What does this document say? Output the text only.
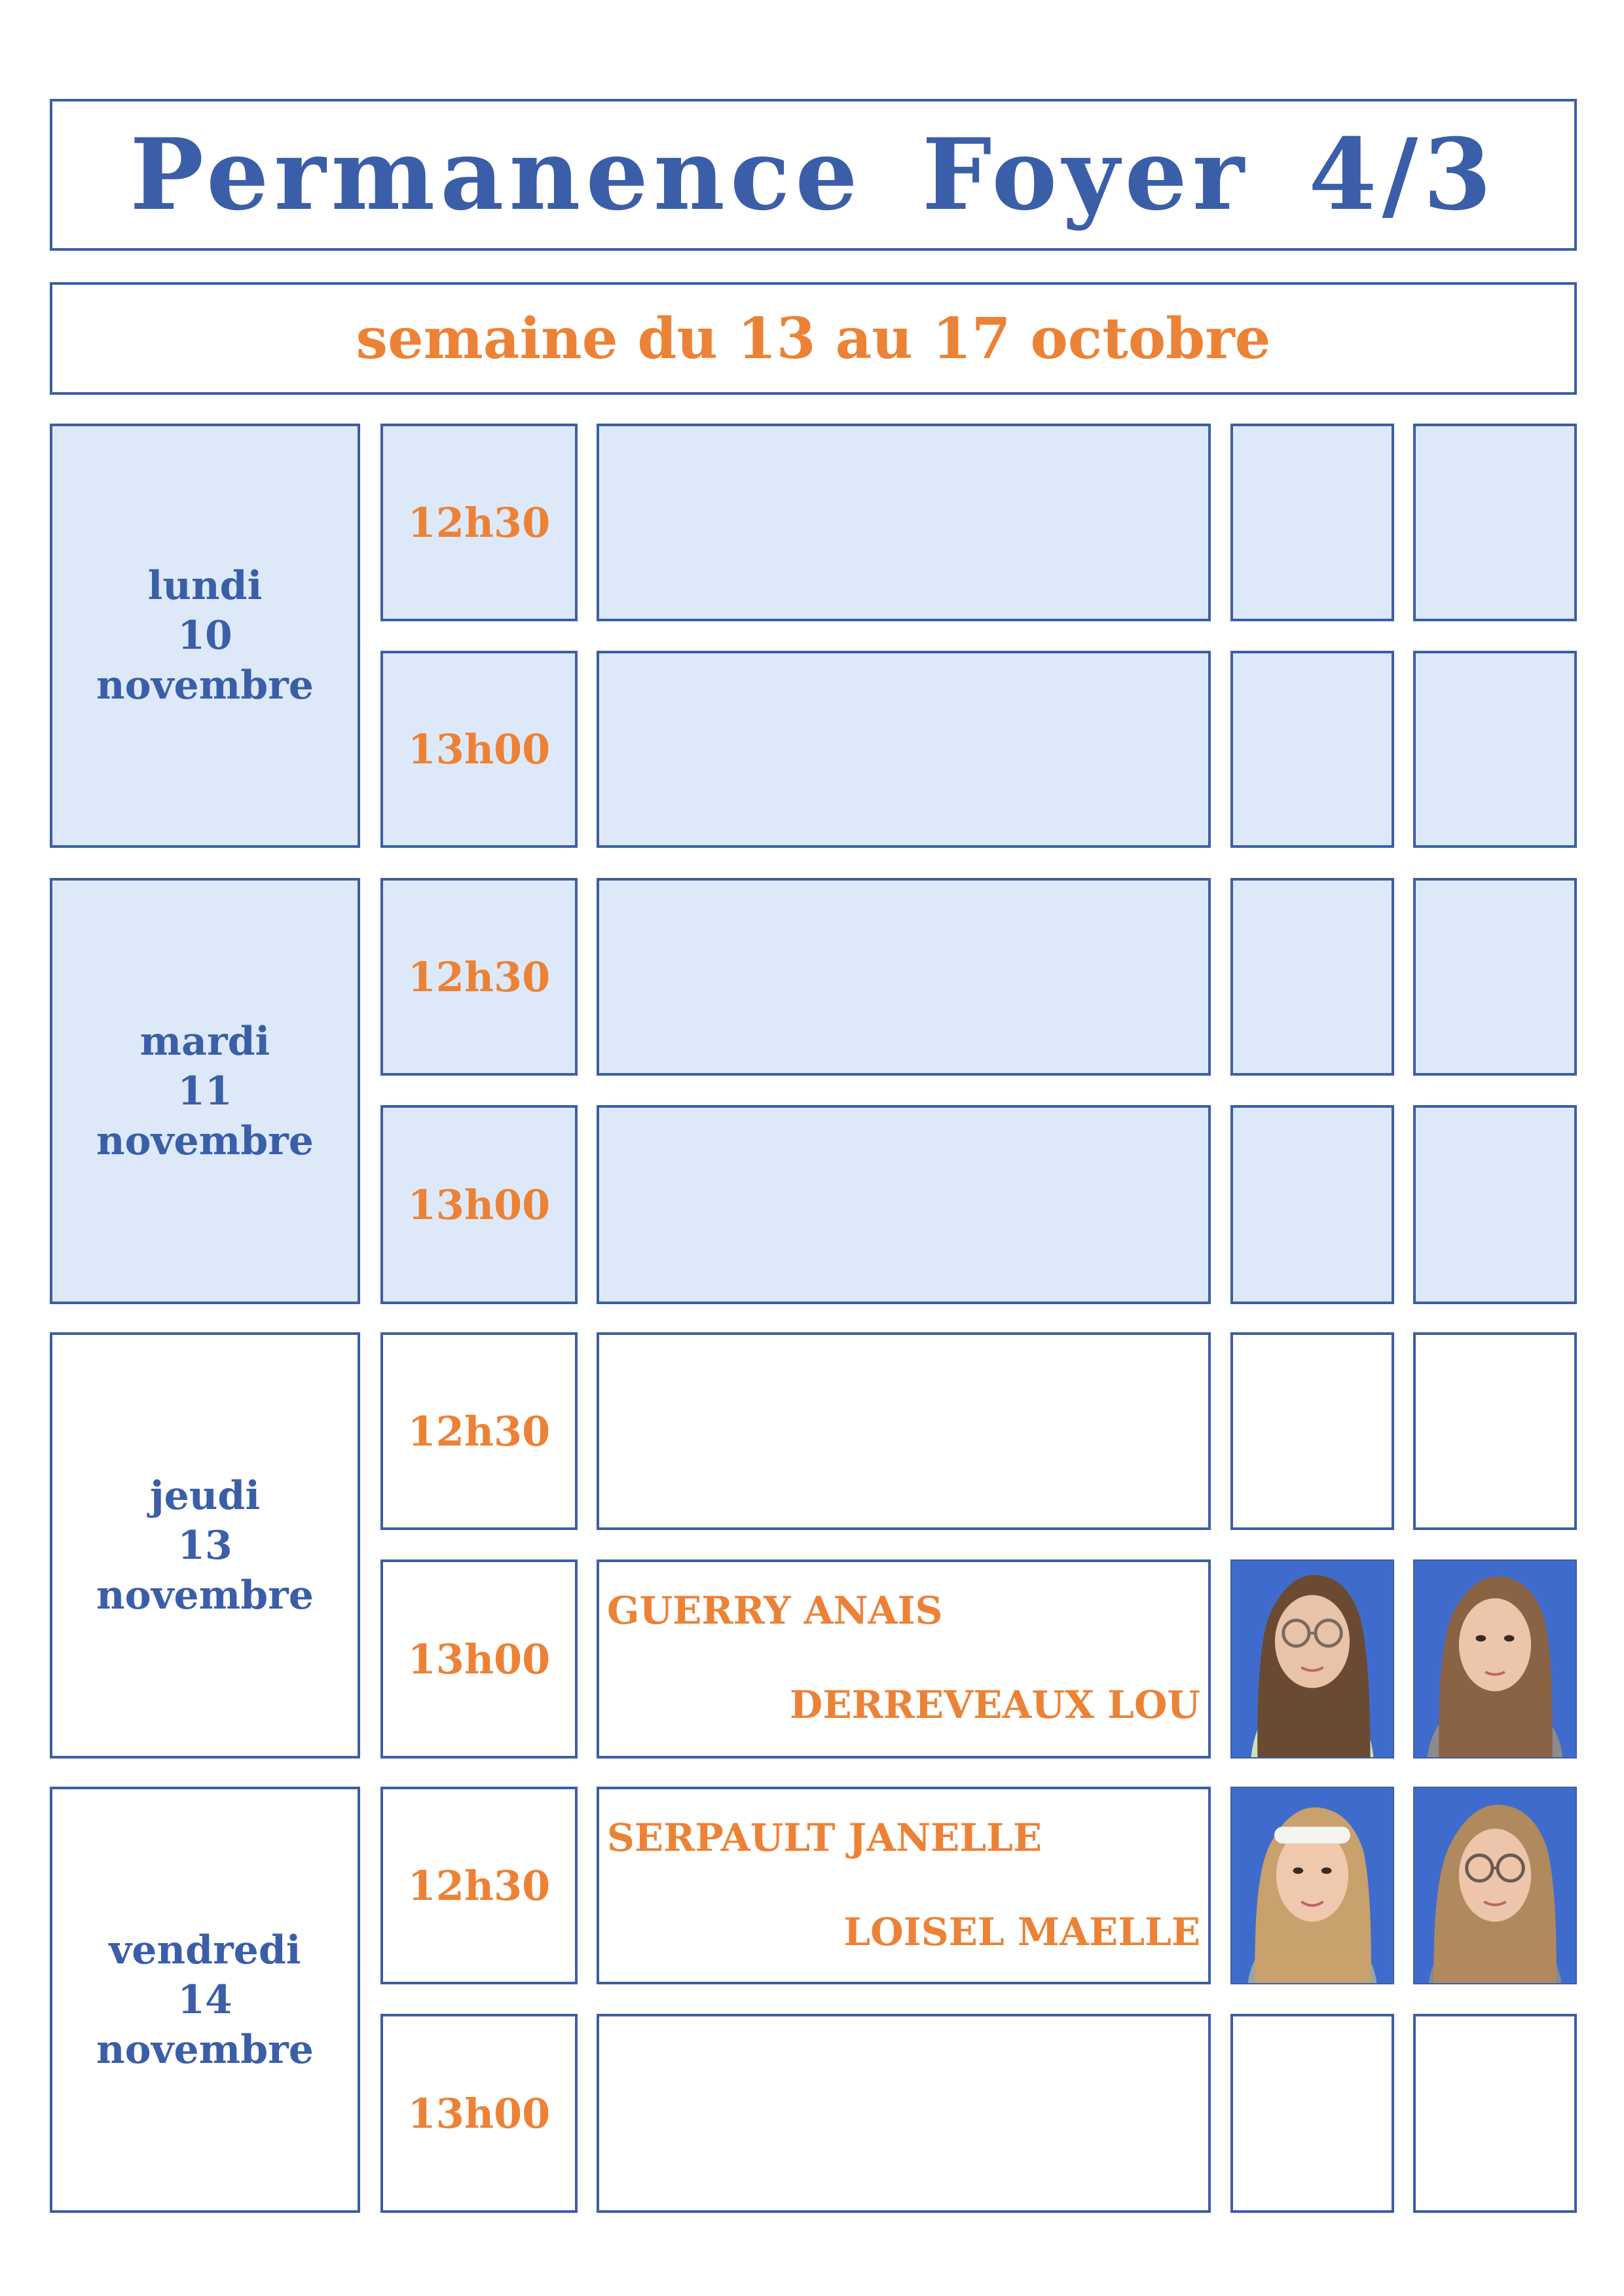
Permanence Foyer 4/3
semaine du 13 au 17 octobre
lundi
10
novembre
12h30
13h00
mardi
11
novembre
12h30
13h00
jeudi
13
novembre
12h30
13h00
GUERRY ANAIS
DERREVEAUX LOU
vendredi
14
novembre
12h30
SERPAULT JANELLE
LOISEL MAELLE
13h00
